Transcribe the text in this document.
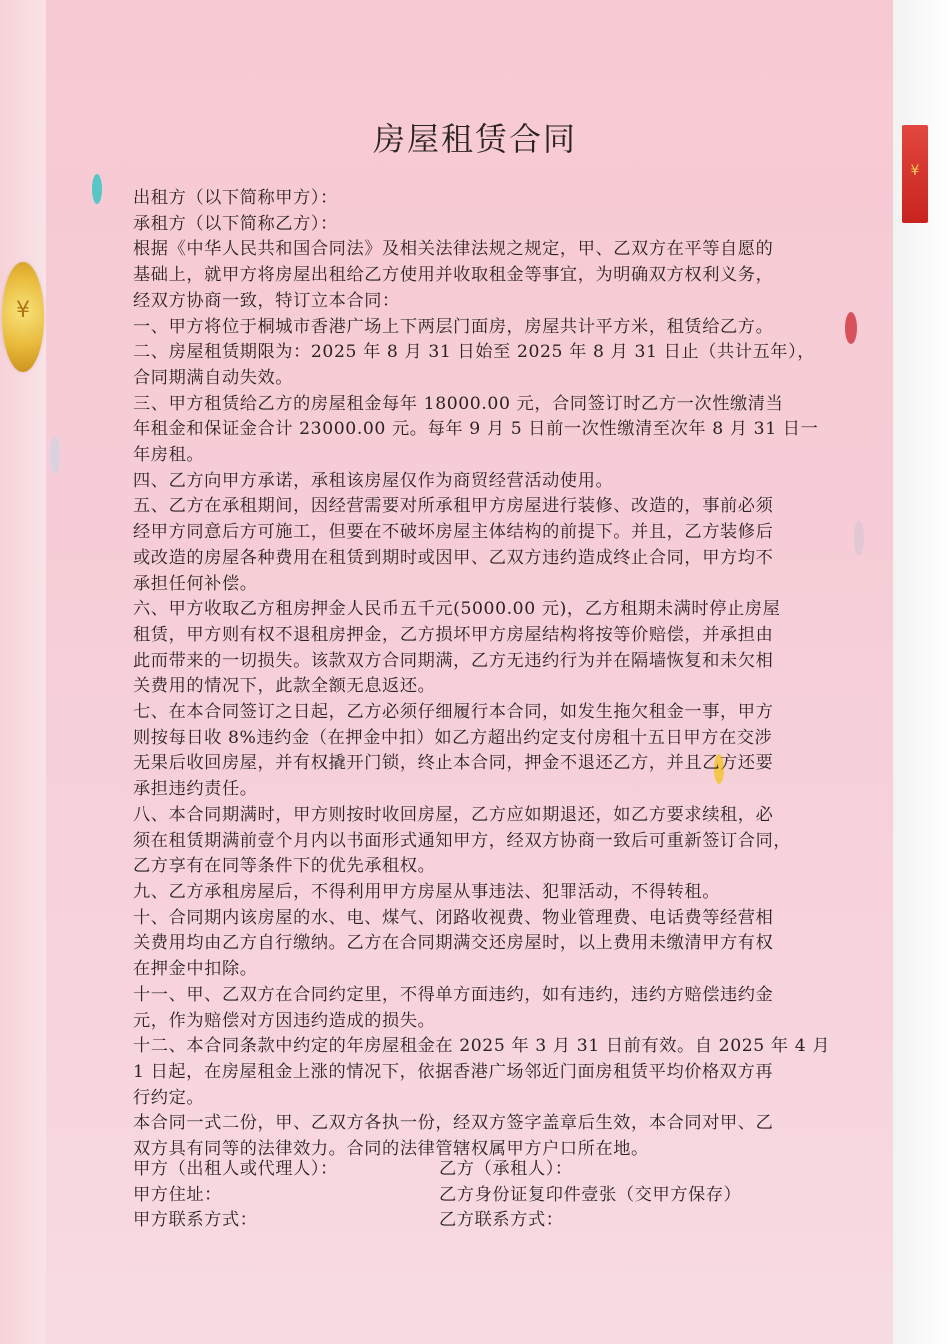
¥
¥
房屋租赁合同

出租方（以下简称甲方）：

承租方（以下简称乙方）：

根据《中华人民共和国合同法》及相关法律法规之规定，甲、乙双方在平等自愿的

基础上，就甲方将房屋出租给乙方使用并收取租金等事宜，为明确双方权利义务，

经双方协商一致，特订立本合同：

一、甲方将位于桐城市香港广场上下两层门面房，房屋共计平方米，租赁给乙方。

二、房屋租赁期限为：2025 年 8 月 31 日始至 2025 年 8 月 31 日止（共计五年），

合同期满自动失效。

三、甲方租赁给乙方的房屋租金每年 18000.00 元，合同签订时乙方一次性缴清当

年租金和保证金合计 23000.00 元。每年 9 月 5 日前一次性缴清至次年 8 月 31 日一

年房租。

四、乙方向甲方承诺，承租该房屋仅作为商贸经营活动使用。

五、乙方在承租期间，因经营需要对所承租甲方房屋进行装修、改造的，事前必须

经甲方同意后方可施工，但要在不破坏房屋主体结构的前提下。并且，乙方装修后

或改造的房屋各种费用在租赁到期时或因甲、乙双方违约造成终止合同，甲方均不

承担任何补偿。

六、甲方收取乙方租房押金人民币五千元(5000.00 元)，乙方租期未满时停止房屋

租赁，甲方则有权不退租房押金，乙方损坏甲方房屋结构将按等价赔偿，并承担由

此而带来的一切损失。该款双方合同期满，乙方无违约行为并在隔墙恢复和未欠相

关费用的情况下，此款全额无息返还。

七、在本合同签订之日起，乙方必须仔细履行本合同，如发生拖欠租金一事，甲方

则按每日收 8%违约金（在押金中扣）如乙方超出约定支付房租十五日甲方在交涉

无果后收回房屋，并有权撬开门锁，终止本合同，押金不退还乙方，并且乙方还要

承担违约责任。

八、本合同期满时，甲方则按时收回房屋，乙方应如期退还，如乙方要求续租，必

须在租赁期满前壹个月内以书面形式通知甲方，经双方协商一致后可重新签订合同，

乙方享有在同等条件下的优先承租权。

九、乙方承租房屋后，不得利用甲方房屋从事违法、犯罪活动，不得转租。

十、合同期内该房屋的水、电、煤气、闭路收视费、物业管理费、电话费等经营相

关费用均由乙方自行缴纳。乙方在合同期满交还房屋时，以上费用未缴清甲方有权

在押金中扣除。

十一、甲、乙双方在合同约定里，不得单方面违约，如有违约，违约方赔偿违约金

元，作为赔偿对方因违约造成的损失。

十二、本合同条款中约定的年房屋租金在 2025 年 3 月 31 日前有效。自 2025 年 4 月

1 日起，在房屋租金上涨的情况下，依据香港广场邻近门面房租赁平均价格双方再

行约定。

本合同一式二份，甲、乙双方各执一份，经双方签字盖章后生效，本合同对甲、乙

双方具有同等的法律效力。合同的法律管辖权属甲方户口所在地。

甲方（出租人或代理人）：	乙方（承租人）：
甲方住址：	乙方身份证复印件壹张（交甲方保存）
甲方联系方式：	乙方联系方式：
